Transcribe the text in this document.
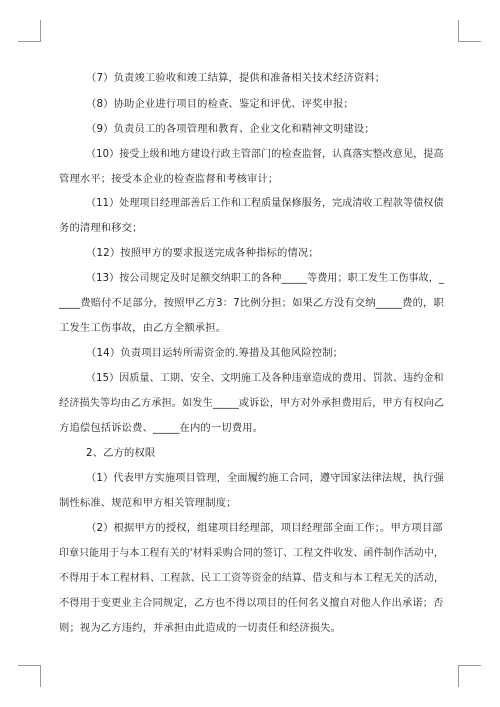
（7）负责竣工验收和竣工结算，提供和准备相关技术经济资料；

（8）协助企业进行项目的检查、鉴定和评优、评奖申报；

（9）负责员工的各项管理和教育、企业文化和精神文明建设；

（10）接受上级和地方建设行政主管部门的检查监督，认真落实整改意见，提高

管理水平；接受本企业的检查监督和考核审计；

（11）处理项目经理部善后工作和工程质量保修服务，完成清收工程款等债权债

务的清理和移交；

（12）按照甲方的要求报送完成各种指标的情况；

（13）按公司规定及时足额交纳职工的各种_____等费用；职工发生工伤事故，_

____费赔付不足部分，按照甲乙方3：7比例分担；如果乙方没有交纳_____费的，职

工发生工伤事故，由乙方全额承担。

（14）负责项目运转所需资金的.筹措及其他风险控制；

（15）因质量、工期、安全、文明施工及各种违章造成的费用、罚款、违约金和

经济损失等均由乙方承担。如发生_____或诉讼，甲方对外承担费用后，甲方有权向乙

方追偿包括诉讼费、_____在内的一切费用。

2、乙方的权限

（1）代表甲方实施项目管理，全面履约施工合同，遵守国家法律法规，执行强

制性标准、规范和甲方相关管理制度；

（2）根据甲方的授权，组建项目经理部，项目经理部全面工作；。甲方项目部

印章只能用于与本工程有关的'材料采购合同的签订、工程文件收发、函件制作活动中，

不得用于本工程材料、工程款、民工工资等资金的结算、借支和与本工程无关的活动，

不得用于变更业主合同规定，乙方也不得以项目的任何名义擅自对他人作出承诺；否

则；视为乙方违约，并承担由此造成的一切责任和经济损失。
